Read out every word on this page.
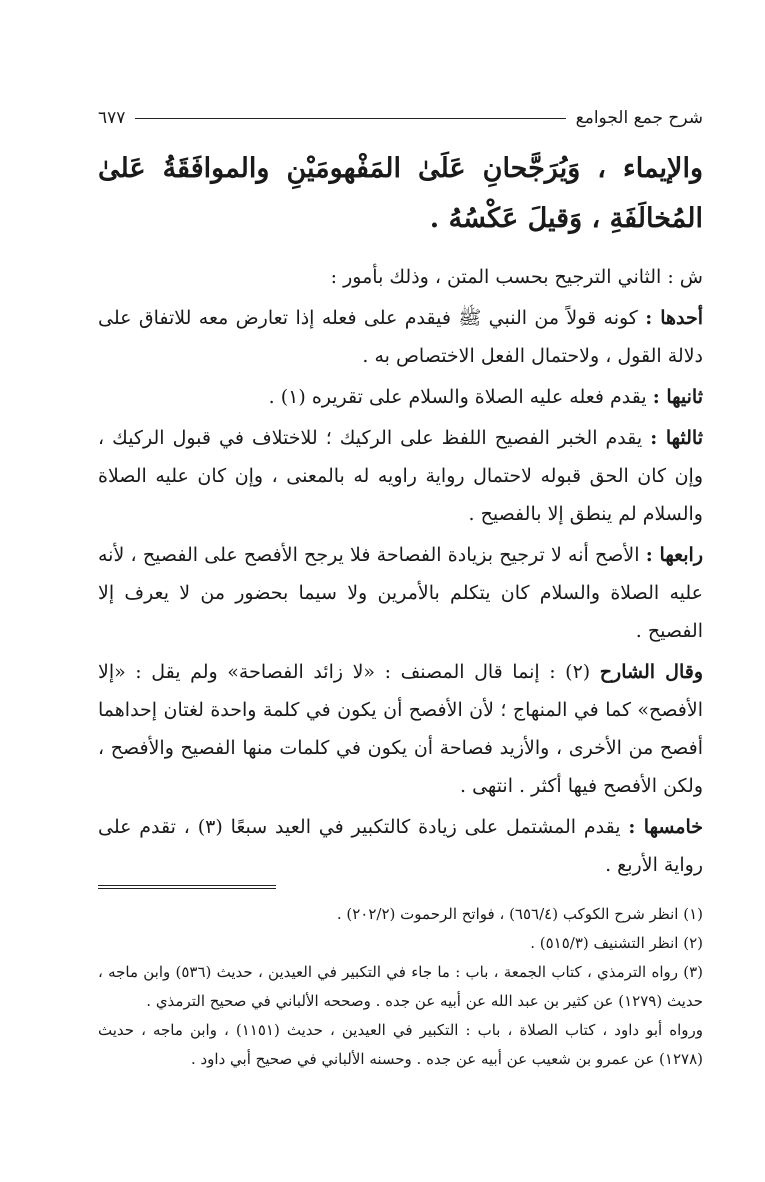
شرح جمع الجوامع
٦٧٧

والإيماء ، وَيُرَجَّحانِ عَلَىٰ المَفْهومَيْنِ والموافَقَةُ عَلىٰ المُخالَفَةِ ، وَقيلَ عَكْسُهُ .

ش : الثاني الترجيح بحسب المتن ، وذلك بأمور :

أحدها : كونه قولاً من النبي ﷺ فيقدم على فعله إذا تعارض معه للاتفاق على دلالة القول ، ولاحتمال الفعل الاختصاص به .

ثانيها : يقدم فعله عليه الصلاة والسلام على تقريره (١) .

ثالثها : يقدم الخبر الفصيح اللفظ على الركيك ؛ للاختلاف في قبول الركيك ، وإن كان الحق قبوله لاحتمال رواية راويه له بالمعنى ، وإن كان عليه الصلاة والسلام لم ينطق إلا بالفصيح .

رابعها : الأصح أنه لا ترجيح بزيادة الفصاحة فلا يرجح الأفصح على الفصيح ، لأنه عليه الصلاة والسلام كان يتكلم بالأمرين ولا سيما بحضور من لا يعرف إلا الفصيح .

وقال الشارح (٢) : إنما قال المصنف : «لا زائد الفصاحة» ولم يقل : «إلا الأفصح» كما في المنهاج ؛ لأن الأفصح أن يكون في كلمة واحدة لغتان إحداهما أفصح من الأخرى ، والأزيد فصاحة أن يكون في كلمات منها الفصيح والأفصح ، ولكن الأفصح فيها أكثر . انتهى .

خامسها : يقدم المشتمل على زيادة كالتكبير في العيد سبعًا (٣) ، تقدم على رواية الأربع .

(١) انظر شرح الكوكب (٦٥٦/٤) ، فواتح الرحموت (٢٠٢/٢) .

(٢) انظر التشنيف (٥١٥/٣) .

(٣) رواه الترمذي ، كتاب الجمعة ، باب : ما جاء في التكبير في العيدين ، حديث (٥٣٦) وابن ماجه ، حديث (١٢٧٩) عن كثير بن عبد الله عن أبيه عن جده . وصححه الألباني في صحيح الترمذي .

ورواه أبو داود ، كتاب الصلاة ، باب : التكبير في العيدين ، حديث (١١٥١) ، وابن ماجه ، حديث (١٢٧٨) عن عمرو بن شعيب عن أبيه عن جده . وحسنه الألباني في صحيح أبي داود .
